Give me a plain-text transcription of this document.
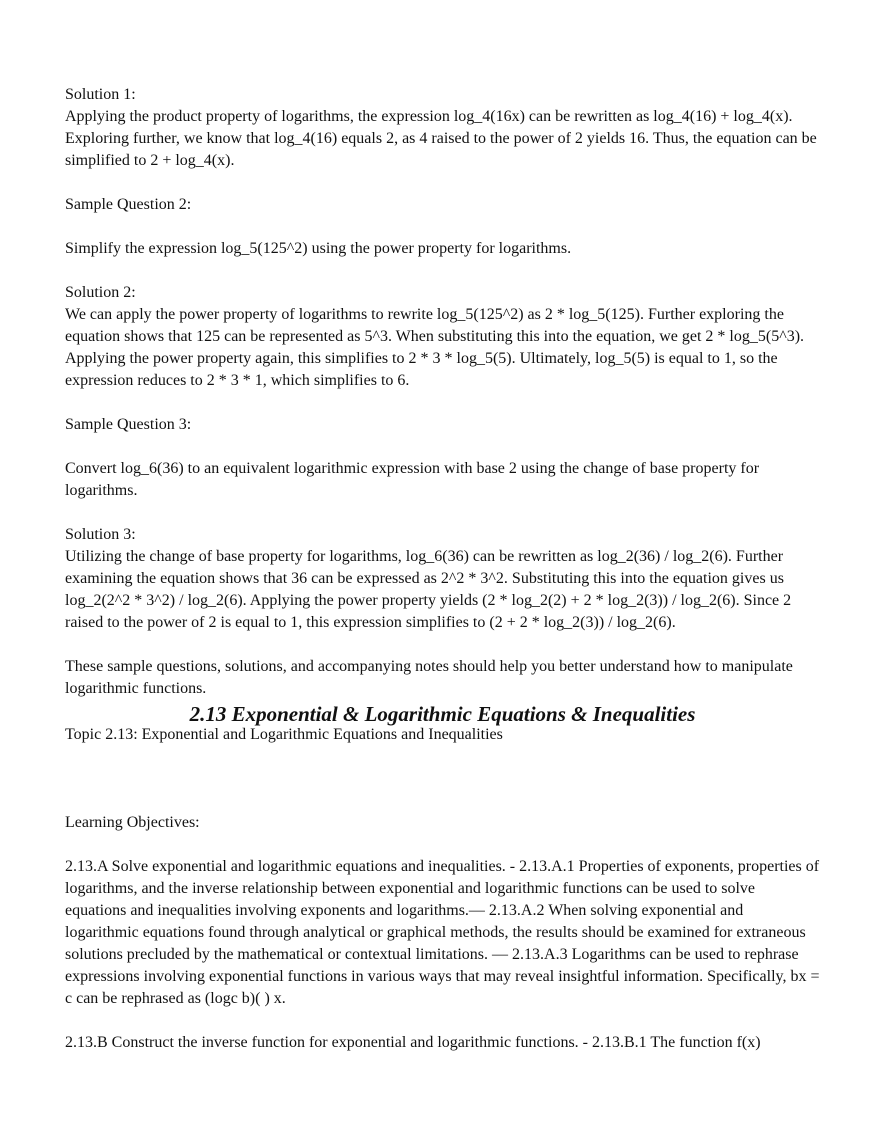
Solution 1:

Applying the product property of logarithms, the expression log_4(16x) can be rewritten as log_4(16) + log_4(x). Exploring further, we know that log_4(16) equals 2, as 4 raised to the power of 2 yields 16. Thus, the equation can be simplified to 2 + log_4(x).

Sample Question 2:

Simplify the expression log_5(125^2) using the power property for logarithms.

Solution 2:

We can apply the power property of logarithms to rewrite log_5(125^2) as 2 * log_5(125). Further exploring the equation shows that 125 can be represented as 5^3. When substituting this into the equation, we get 2 * log_5(5^3). Applying the power property again, this simplifies to 2 * 3 * log_5(5). Ultimately, log_5(5) is equal to 1, so the expression reduces to 2 * 3 * 1, which simplifies to 6.

Sample Question 3:

Convert log_6(36) to an equivalent logarithmic expression with base 2 using the change of base property for logarithms.

Solution 3:

Utilizing the change of base property for logarithms, log_6(36) can be rewritten as log_2(36) / log_2(6). Further examining the equation shows that 36 can be expressed as 2^2 * 3^2. Substituting this into the equation gives us log_2(2^2 * 3^2) / log_2(6). Applying the power property yields (2 * log_2(2) + 2 * log_2(3)) / log_2(6). Since 2 raised to the power of 2 is equal to 1, this expression simplifies to (2 + 2 * log_2(3)) / log_2(6).

These sample questions, solutions, and accompanying notes should help you better understand how to manipulate logarithmic functions.

2.13 Exponential & Logarithmic Equations & Inequalities

Topic 2.13: Exponential and Logarithmic Equations and Inequalities

Learning Objectives:

2.13.A Solve exponential and logarithmic equations and inequalities. - 2.13.A.1 Properties of exponents, properties of logarithms, and the inverse relationship between exponential and logarithmic functions can be used to solve equations and inequalities involving exponents and logarithms.— 2.13.A.2 When solving exponential and logarithmic equations found through analytical or graphical methods, the results should be examined for extraneous solutions precluded by the mathematical or contextual limitations. — 2.13.A.3 Logarithms can be used to rephrase expressions involving exponential functions in various ways that may reveal insightful information. Specifically, bx = c can be rephrased as (logc b)( ) x.

2.13.B Construct the inverse function for exponential and logarithmic functions. - 2.13.B.1 The function f(x)
